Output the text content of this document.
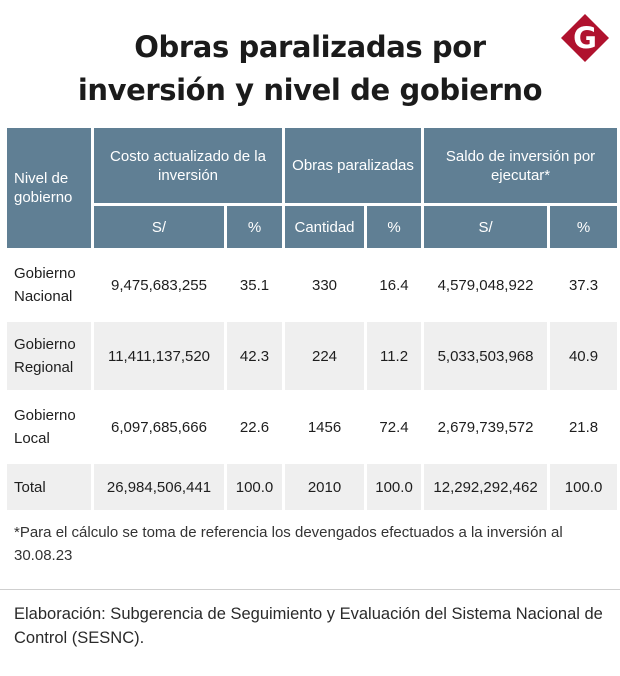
Obras paralizadas por
inversión y nivel de gobierno
G
Nivel de gobierno	Costo actualizado de la inversión		Obras paralizadas		Saldo de inversión por ejecutar*	
	S/	%	Cantidad	%	S/	%
Gobierno Nacional	9,475,683,255	35.1	330	16.4	4,579,048,922	37.3
Gobierno Regional	11,411,137,520	42.3	224	11.2	5,033,503,968	40.9
Gobierno Local	6,097,685,666	22.6	1456	72.4	2,679,739,572	21.8
Total	26,984,506,441	100.0	2010	100.0	12,292,292,462	100.0
*Para el cálculo se toma de referencia los devengados efectuados a la inversión al 30.08.23
Elaboración: Subgerencia de Seguimiento y Evaluación del Sistema Nacional de Control (SESNC).
